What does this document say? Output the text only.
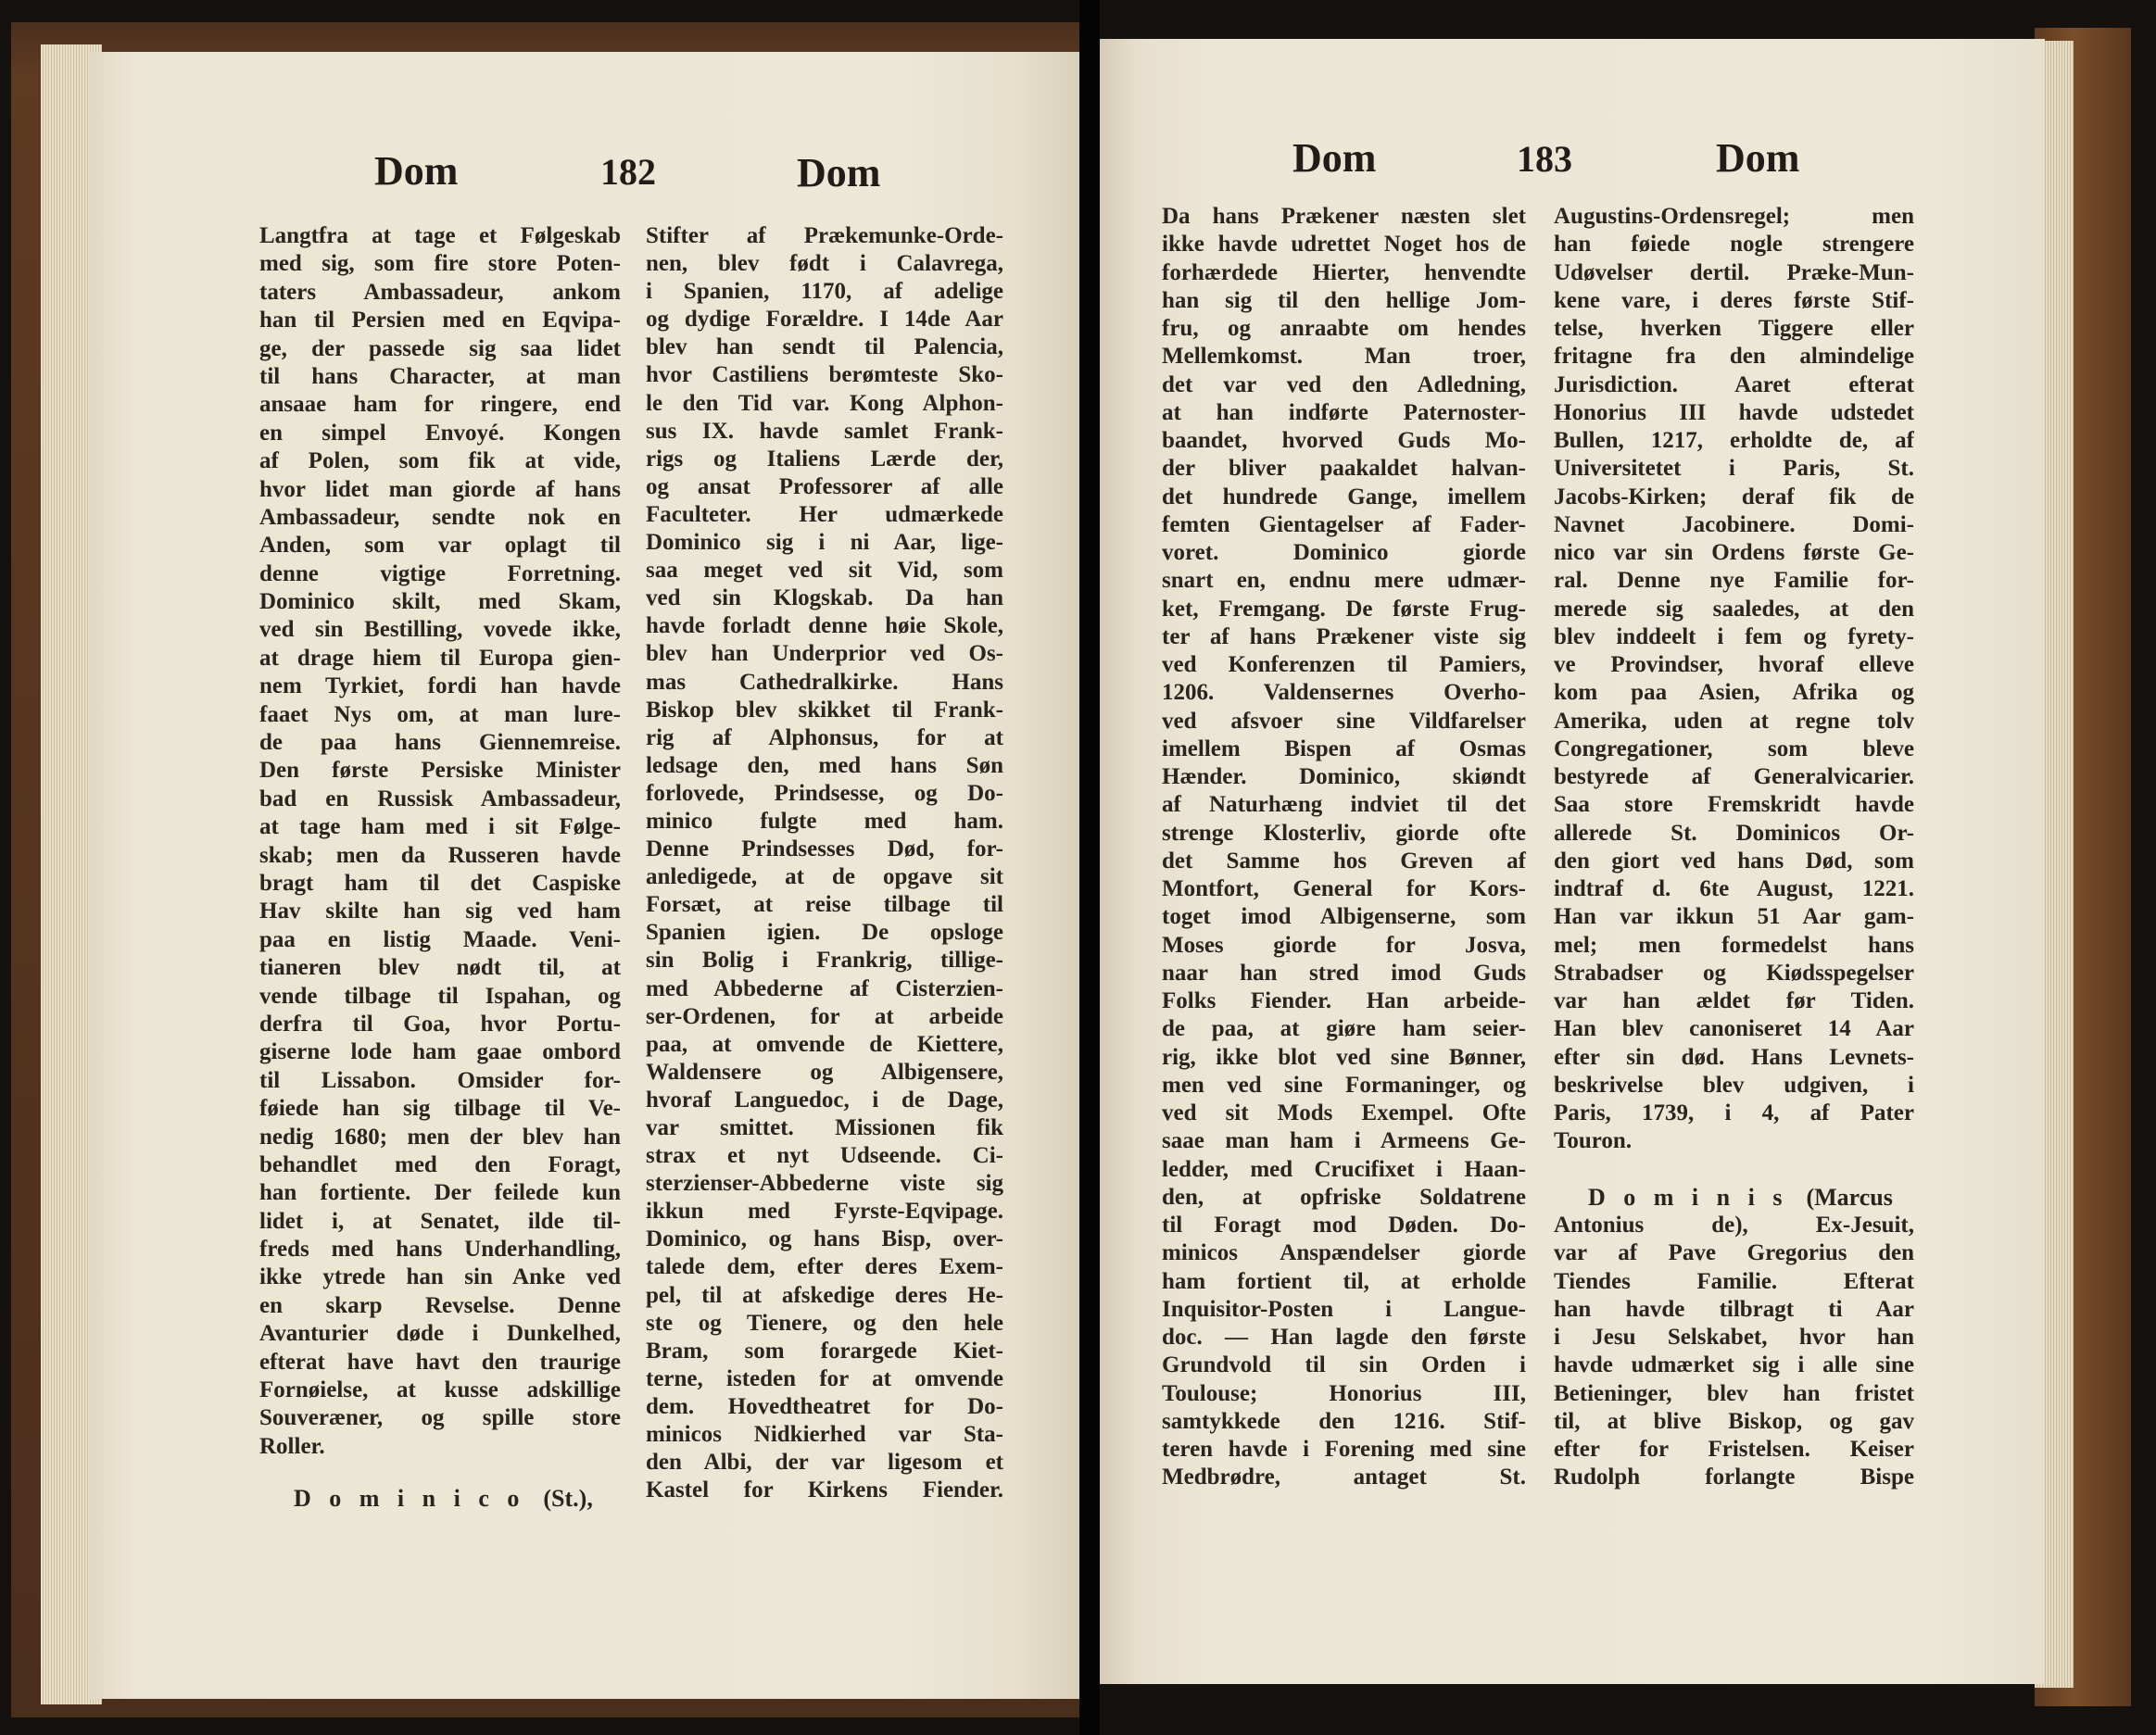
Dom	182	Dom	Dom	183	Dom
Langtfra at tage et Følgeskab
med sig, som fire store Poten-
taters Ambassadeur, ankom
han til Persien med en Eqvipa-
ge, der passede sig saa lidet
til hans Character, at man
ansaae ham for ringere, end
en simpel Envoyé. Kongen
af Polen, som fik at vide,
hvor lidet man giorde af hans
Ambassadeur, sendte nok en
Anden, som var oplagt til
denne vigtige Forretning.
Dominico skilt, med Skam,
ved sin Bestilling, vovede ikke,
at drage hiem til Europa gien-
nem Tyrkiet, fordi han havde
faaet Nys om, at man lure-
de paa hans Giennemreise.
Den første Persiske Minister
bad en Russisk Ambassadeur,
at tage ham med i sit Følge-
skab; men da Russeren havde
bragt ham til det Caspiske
Hav skilte han sig ved ham
paa en listig Maade. Veni-
tianeren blev nødt til, at
vende tilbage til Ispahan, og
derfra til Goa, hvor Portu-
giserne lode ham gaae ombord
til Lissabon. Omsider for-
føiede han sig tilbage til Ve-
nedig 1680; men der blev han
behandlet med den Foragt,
han fortiente. Der feilede kun
lidet i, at Senatet, ilde til-
freds med hans Underhandling,
ikke ytrede han sin Anke ved
en skarp Revselse. Denne
Avanturier døde i Dunkelhed,
efterat have havt den traurige
Fornøielse, at kusse adskillige
Souveræner, og spille store
Roller.
Dominico (St.),
Stifter af Prækemunke-Orde-
nen, blev født i Calavrega,
i Spanien, 1170, af adelige
og dydige Forældre. I 14de Aar
blev han sendt til Palencia,
hvor Castiliens berømteste Sko-
le den Tid var. Kong Alphon-
sus IX. havde samlet Frank-
rigs og Italiens Lærde der,
og ansat Professorer af alle
Faculteter. Her udmærkede
Dominico sig i ni Aar, lige-
saa meget ved sit Vid, som
ved sin Klogskab. Da han
havde forladt denne høie Skole,
blev han Underprior ved Os-
mas Cathedralkirke. Hans
Biskop blev skikket til Frank-
rig af Alphonsus, for at
ledsage den, med hans Søn
forlovede, Prindsesse, og Do-
minico fulgte med ham.
Denne Prindsesses Død, for-
anledigede, at de opgave sit
Forsæt, at reise tilbage til
Spanien igien. De opsloge
sin Bolig i Frankrig, tillige-
med Abbederne af Cisterzien-
ser-Ordenen, for at arbeide
paa, at omvende de Kiettere,
Waldensere og Albigensere,
hvoraf Languedoc, i de Dage,
var smittet. Missionen fik
strax et nyt Udseende. Ci-
sterzienser-Abbederne viste sig
ikkun med Fyrste-Eqvipage.
Dominico, og hans Bisp, over-
talede dem, efter deres Exem-
pel, til at afskedige deres He-
ste og Tienere, og den hele
Bram, som forargede Kiet-
terne, isteden for at omvende
dem. Hovedtheatret for Do-
minicos Nidkierhed var Sta-
den Albi, der var ligesom et
Kastel for Kirkens Fiender.
Da hans Prækener næsten slet
ikke havde udrettet Noget hos de
forhærdede Hierter, henvendte
han sig til den hellige Jom-
fru, og anraabte om hendes
Mellemkomst. Man troer,
det var ved den Adledning,
at han indførte Paternoster-
baandet, hvorved Guds Mo-
der bliver paakaldet halvan-
det hundrede Gange, imellem
femten Gientagelser af Fader-
voret. Dominico giorde
snart en, endnu mere udmær-
ket, Fremgang. De første Frug-
ter af hans Prækener viste sig
ved Konferenzen til Pamiers,
1206. Valdensernes Overho-
ved afsvoer sine Vildfarelser
imellem Bispen af Osmas
Hænder. Dominico, skiøndt
af Naturhæng indviet til det
strenge Klosterliv, giorde ofte
det Samme hos Greven af
Montfort, General for Kors-
toget imod Albigenserne, som
Moses giorde for Josva,
naar han stred imod Guds
Folks Fiender. Han arbeide-
de paa, at giøre ham seier-
rig, ikke blot ved sine Bønner,
men ved sine Formaninger, og
ved sit Mods Exempel. Ofte
saae man ham i Armeens Ge-
ledder, med Crucifixet i Haan-
den, at opfriske Soldatrene
til Foragt mod Døden. Do-
minicos Anspændelser giorde
ham fortient til, at erholde
Inquisitor-Posten i Langue-
doc. — Han lagde den første
Grundvold til sin Orden i
Toulouse; Honorius III,
samtykkede den 1216. Stif-
teren havde i Forening med sine
Medbrødre, antaget St.
Augustins-Ordensregel; men
han føiede nogle strengere
Udøvelser dertil. Præke-Mun-
kene vare, i deres første Stif-
telse, hverken Tiggere eller
fritagne fra den almindelige
Jurisdiction. Aaret efterat
Honorius III havde udstedet
Bullen, 1217, erholdte de, af
Universitetet i Paris, St.
Jacobs-Kirken; deraf fik de
Navnet Jacobinere. Domi-
nico var sin Ordens første Ge-
ral. Denne nye Familie for-
merede sig saaledes, at den
blev inddeelt i fem og fyrety-
ve Provindser, hvoraf elleve
kom paa Asien, Afrika og
Amerika, uden at regne tolv
Congregationer, som bleve
bestyrede af Generalvicarier.
Saa store Fremskridt havde
allerede St. Dominicos Or-
den giort ved hans Død, som
indtraf d. 6te August, 1221.
Han var ikkun 51 Aar gam-
mel; men formedelst hans
Strabadser og Kiødsspegelser
var han ældet før Tiden.
Han blev canoniseret 14 Aar
efter sin død. Hans Levnets-
beskrivelse blev udgiven, i
Paris, 1739, i 4, af Pater
Touron.
Dominis (Marcus
Antonius de), Ex-Jesuit,
var af Pave Gregorius den
Tiendes Familie. Efterat
han havde tilbragt ti Aar
i Jesu Selskabet, hvor han
havde udmærket sig i alle sine
Betieninger, blev han fristet
til, at blive Biskop, og gav
efter for Fristelsen. Keiser
Rudolph forlangte Bispe
